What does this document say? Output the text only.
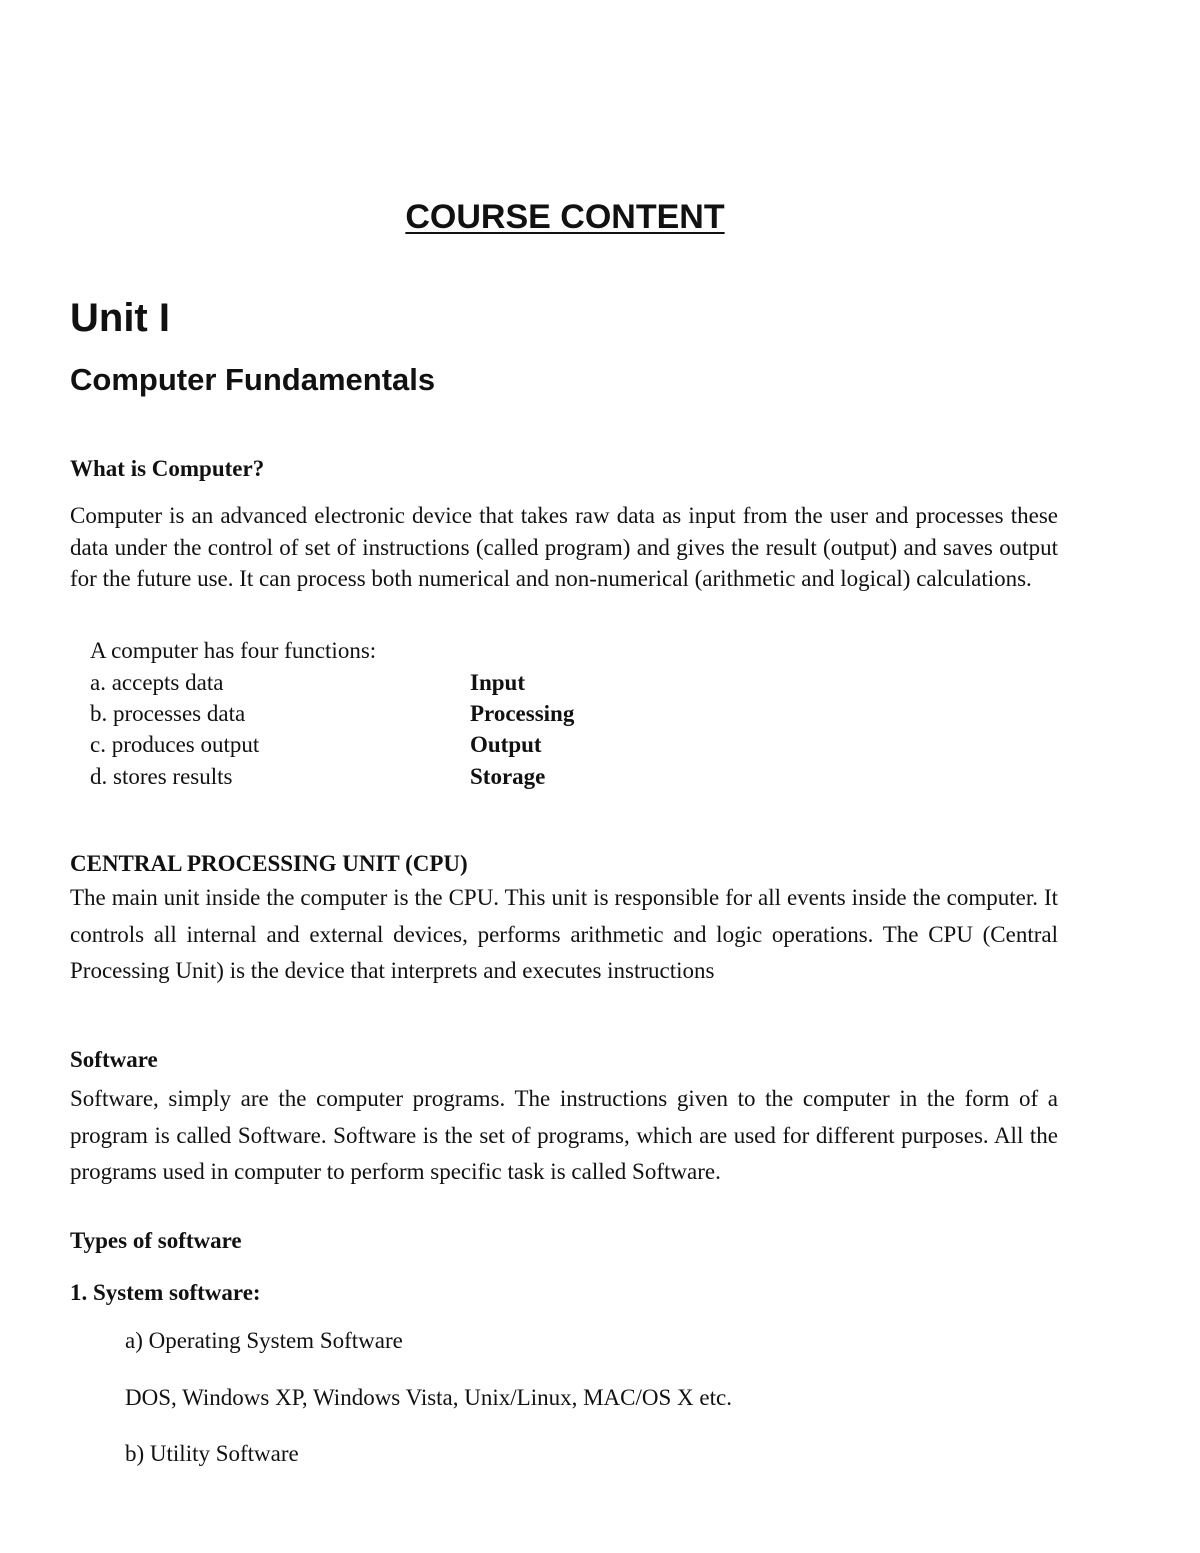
COURSE CONTENT
Unit I
Computer Fundamentals
What is Computer?

Computer is an advanced electronic device that takes raw data as input from the user and processes these data under the control of set of instructions (called program) and gives the result (output) and saves output for the future use. It can process both numerical and non-numerical (arithmetic and logical) calculations.

A computer has four functions:
a. accepts data	Input
b. processes data	Processing
c. produces output	Output
d. stores results	Storage
CENTRAL PROCESSING UNIT (CPU)

The main unit inside the computer is the CPU. This unit is responsible for all events inside the computer. It controls all internal and external devices, performs arithmetic and logic operations. The CPU (Central Processing Unit) is the device that interprets and executes instructions

Software

Software, simply are the computer programs. The instructions given to the computer in the form of a program is called Software. Software is the set of programs, which are used for different purposes. All the programs used in computer to perform specific task is called Software.

Types of software
1. System software:
a) Operating System Software
DOS, Windows XP, Windows Vista, Unix/Linux, MAC/OS X etc.
b) Utility Software
